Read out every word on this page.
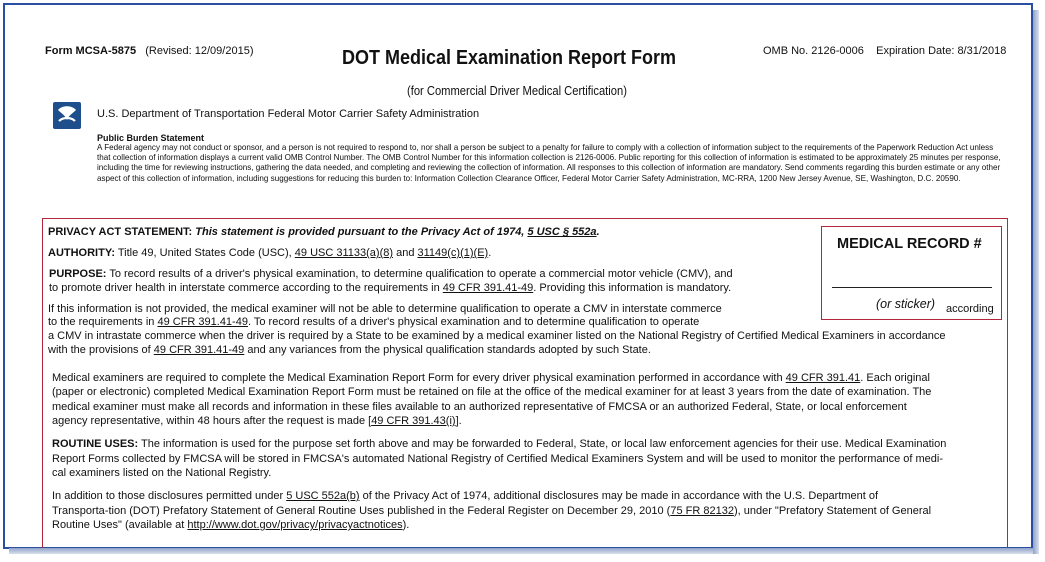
Form MCSA-5875 (Revised: 12/09/2015)	DOT Medical Examination Report Form	OMB No. 2126-0006 Expiration Date: 8/31/2018
(for Commercial Driver Medical Certification)
U.S. Department of Transportation Federal Motor Carrier Safety Administration
Public Burden Statement
A Federal agency may not conduct or sponsor, and a person is not required to respond to, nor shall a person be subject to a penalty for failure to comply with a collection of information subject to the requirements of the Paperwork Reduction Act unless that collection of information displays a current valid OMB Control Number. The OMB Control Number for this information collection is 2126-0006. Public reporting for this collection of information is estimated to be approximately 25 minutes per response, including the time for reviewing instructions, gathering the data needed, and completing and reviewing the collection of information. All responses to this collection of information are mandatory. Send comments regarding this burden estimate or any other aspect of this collection of information, including suggestions for reducing this burden to: Information Collection Clearance Officer, Federal Motor Carrier Safety Administration, MC-RRA, 1200 New Jersey Avenue, SE, Washington, D.C. 20590.
MEDICAL RECORD #
(or sticker) according
PRIVACY ACT STATEMENT: This statement is provided pursuant to the Privacy Act of 1974, 5 USC § 552a.
AUTHORITY: Title 49, United States Code (USC), 49 USC 31133(a)(8) and 31149(c)(1)(E).
PURPOSE: To record results of a driver's physical examination, to determine qualification to operate a commercial motor vehicle (CMV), and
to promote driver health in interstate commerce according to the requirements in 49 CFR 391.41-49. Providing this information is mandatory.
If this information is not provided, the medical examiner will not be able to determine qualification to operate a CMV in interstate commerce
to the requirements in 49 CFR 391.41-49. To record results of a driver's physical examination and to determine qualification to operate
a CMV in intrastate commerce when the driver is required by a State to be examined by a medical examiner listed on the National Registry of Certified Medical Examiners in accordance
with the provisions of 49 CFR 391.41-49 and any variances from the physical qualification standards adopted by such State.
Medical examiners are required to complete the Medical Examination Report Form for every driver physical examination performed in accordance with 49 CFR 391.41. Each original
(paper or electronic) completed Medical Examination Report Form must be retained on file at the office of the medical examiner for at least 3 years from the date of examination. The
medical examiner must make all records and information in these files available to an authorized representative of FMCSA or an authorized Federal, State, or local enforcement
agency representative, within 48 hours after the request is made [49 CFR 391.43(i)].
ROUTINE USES: The information is used for the purpose set forth above and may be forwarded to Federal, State, or local law enforcement agencies for their use. Medical Examination
Report Forms collected by FMCSA will be stored in FMCSA's automated National Registry of Certified Medical Examiners System and will be used to monitor the performance of medi-
cal examiners listed on the National Registry.
In addition to those disclosures permitted under 5 USC 552a(b) of the Privacy Act of 1974, additional disclosures may be made in accordance with the U.S. Department of
Transporta-tion (DOT) Prefatory Statement of General Routine Uses published in the Federal Register on December 29, 2010 (75 FR 82132), under "Prefatory Statement of General
Routine Uses" (available at http://www.dot.gov/privacy/privacyactnotices).
